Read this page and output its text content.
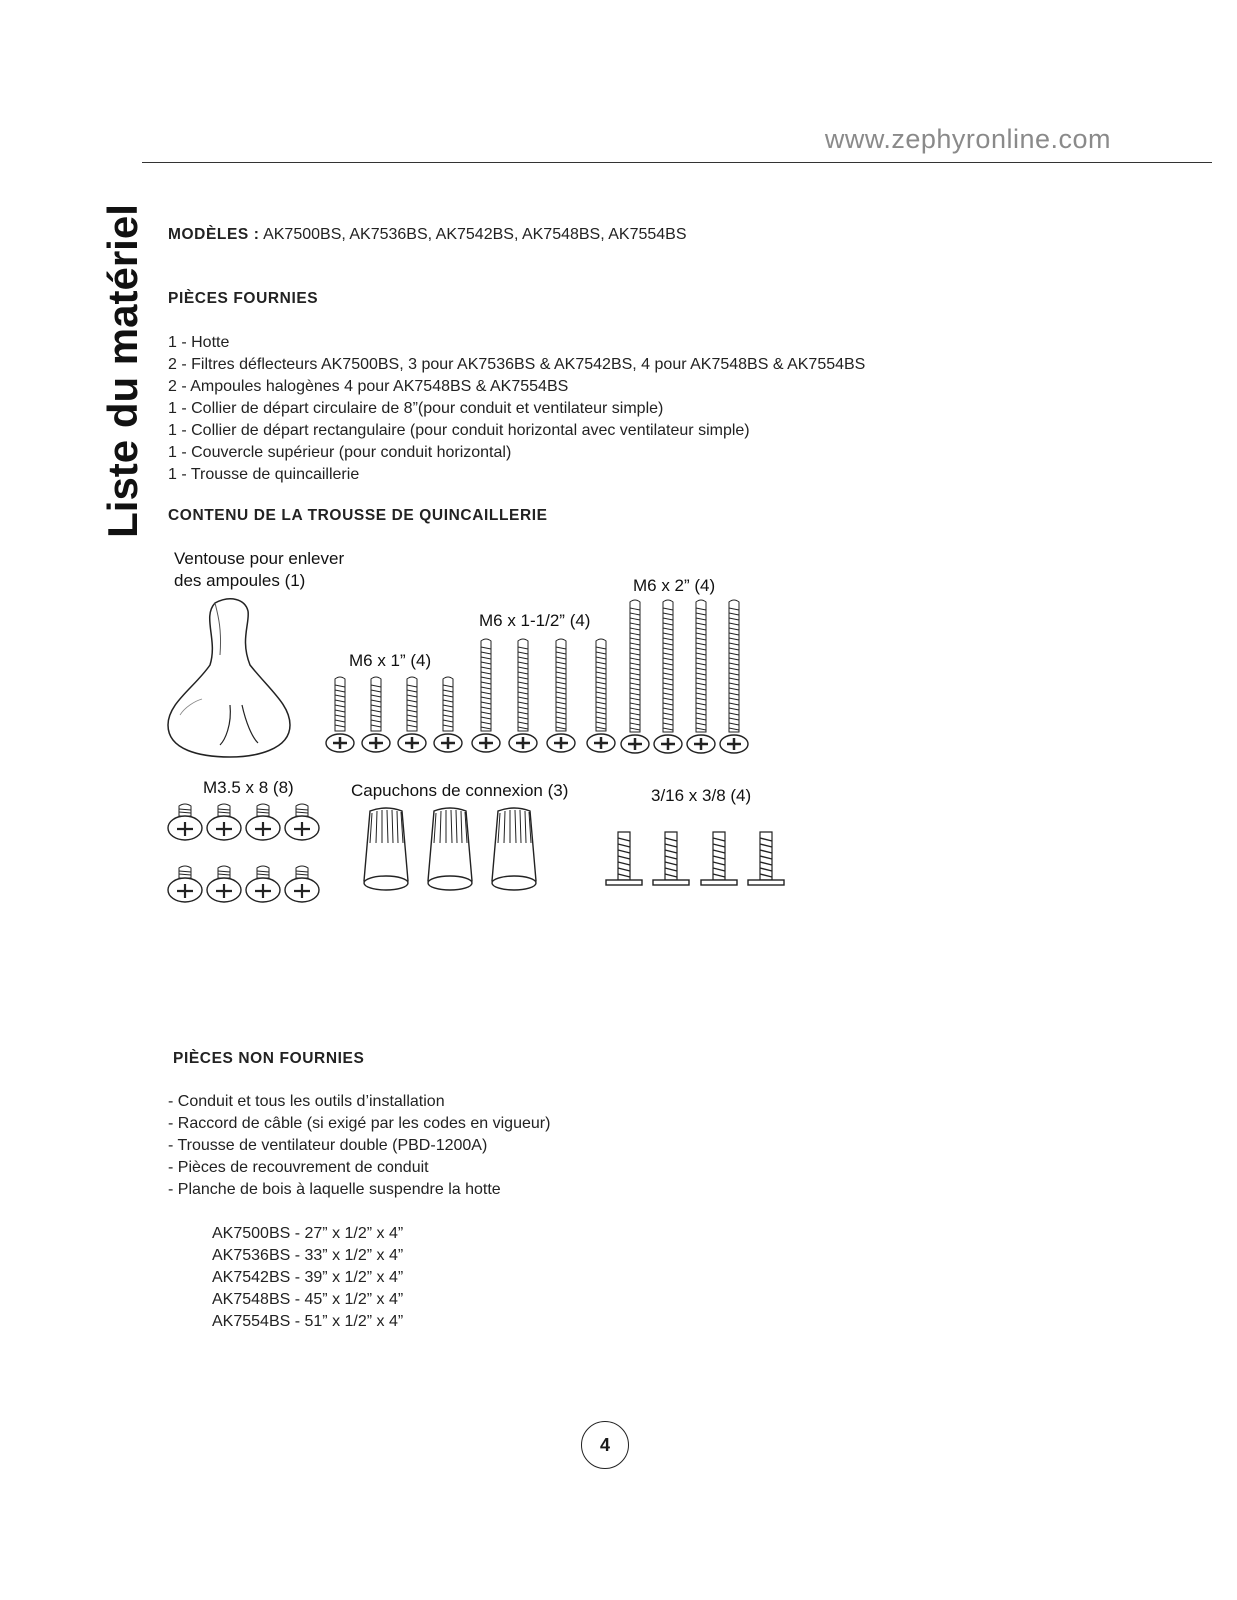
www.zephyronline.com
Liste du matériel MODÈLES : AK7500BS, AK7536BS, AK7542BS, AK7548BS, AK7554BS
PIÈCES FOURNIES
1 - Hotte
2 - Filtres déflecteurs AK7500BS, 3 pour AK7536BS & AK7542BS, 4 pour AK7548BS & AK7554BS
2 - Ampoules halogènes 4 pour AK7548BS & AK7554BS
1 - Collier de départ circulaire de 8”(pour conduit et ventilateur simple)
1 - Collier de départ rectangulaire (pour conduit horizontal avec ventilateur simple)
1 - Couvercle supérieur (pour conduit horizontal)
1 - Trousse de quincaillerie
CONTENU DE LA TROUSSE DE QUINCAILLERIE
Ventouse pour enlever
des ampoules (1)
M6 x 1” (4)
M6 x 1-1/2” (4)
M6 x 2” (4)
M3.5 x 8 (8)	Capuchons de connexion (3)	3/16 x 3/8 (4)
PIÈCES NON FOURNIES
- Conduit et tous les outils d’installation
- Raccord de câble (si exigé par les codes en vigueur)
- Trousse de ventilateur double (PBD-1200A)
- Pièces de recouvrement de conduit
- Planche de bois à laquelle suspendre la hotte
AK7500BS - 27” x 1/2” x 4”
AK7536BS - 33” x 1/2” x 4”
AK7542BS - 39” x 1/2” x 4”
AK7548BS - 45” x 1/2” x 4”
AK7554BS - 51” x 1/2” x 4”
4
